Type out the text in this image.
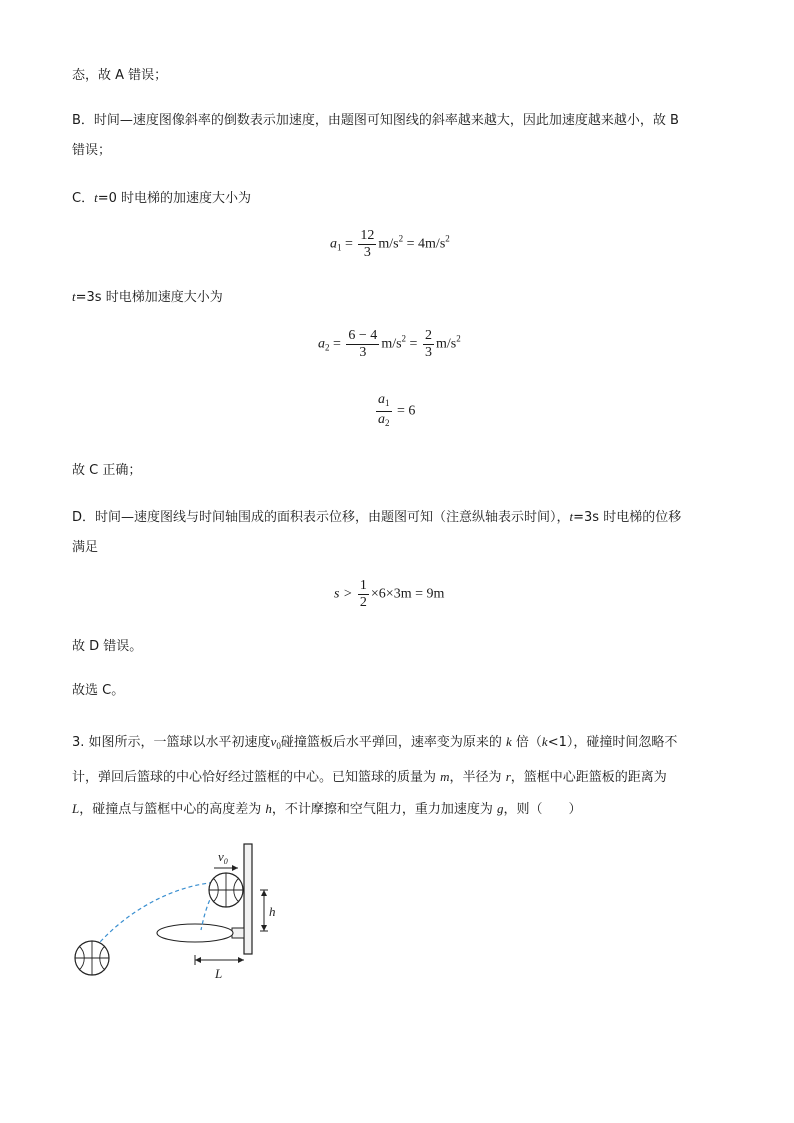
态，故 A 错误；
B．时间—速度图像斜率的倒数表示加速度，由题图可知图线的斜率越来越大，因此加速度越来越小，故 B
错误；
C．t=0 时电梯的加速度大小为
$a_1 = \frac{12}{3} m/s^2 = 4m/s^2$
t=3s 时电梯加速度大小为
$a_2 = \frac{6 - 4}{3} m/s^2 = \frac{2}{3} m/s^2$
$\frac{a_1}{a_2} = 6$
故 C 正确；
D．时间—速度图线与时间轴围成的面积表示位移，由题图可知（注意纵轴表示时间），t=3s 时电梯的位移
满足
$s > \frac{1}{2} \times 6\times 3m = 9m$
故 D 错误。
故选 C。
3. 如图所示，一篮球以水平初速度$v_0$碰撞篮板后水平弹回，速率变为原来的 k 倍（k<1），碰撞时间忽略不
计，弹回后篮球的中心恰好经过篮框的中心。已知篮球的质量为 m，半径为 r，篮框中心距篮板的距离为
L，碰撞点与篮框中心的高度差为 h，不计摩擦和空气阻力，重力加速度为 g，则（　　）
$v_0$
h
L
